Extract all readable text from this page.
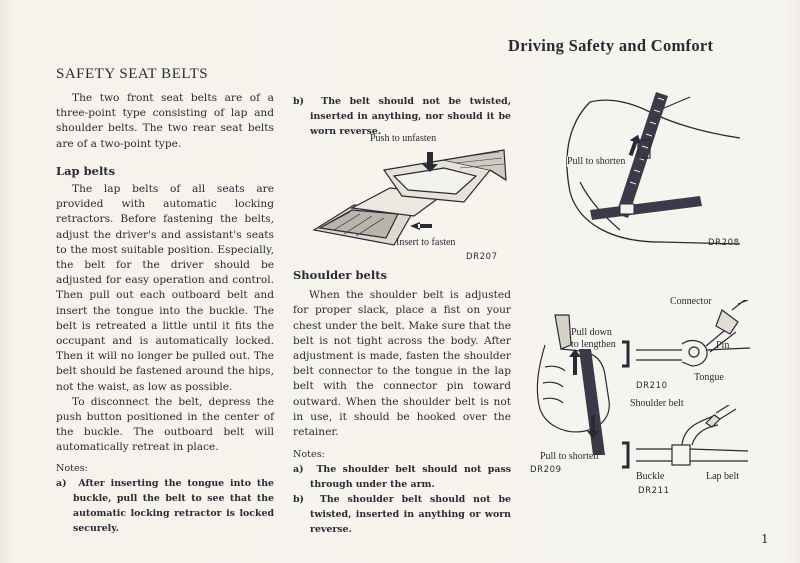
Driving Safety and Comfort
SAFETY SEAT BELTS

The two front seat belts are of a three-point type consisting of lap and shoulder belts. The two rear seat belts are of a two-point type.

Lap belts

The lap belts of all seats are provided with automatic locking retractors. Before fastening the belts, adjust the driver's and assistant's seats to the most suitable position. Especially, the belt for the driver should be adjusted for easy operation and control. Then pull out each outboard belt and insert the tongue into the buckle. The belt is retreated a little until it fits the occupant and is automatically locked. Then it will no longer be pulled out. The belt should be fastened around the hips, not the waist, as low as possible.

To disconnect the belt, depress the push button positioned in the center of the buckle. The outboard belt will automatically retreat in place.

Notes:

a) After inserting the tongue into the buckle, pull the belt to see that the automatic locking retractor is locked securely.

b) The belt should not be twisted, inserted in anything, nor should it be worn reverse.

Push to unfasten
Insert to fasten
DR207

Shoulder belts

When the shoulder belt is adjusted for proper slack, place a fist on your chest under the belt. Make sure that the belt is not tight across the body. After adjustment is made, fasten the shoulder belt connector to the tongue in the lap belt with the connector pin toward outward. When the shoulder belt is not in use, it should be hooked over the retainer.

Notes:

a) The shoulder belt should not pass through under the arm.

b) The shoulder belt should not be twisted, inserted in anything or worn reverse.

Pull to shorten
DR208
Pull down
to lengthen
Pull to shorten
DR209
Connector
Pin
Tongue
DR210
Shoulder belt
Buckle	Lap belt
DR211
1
